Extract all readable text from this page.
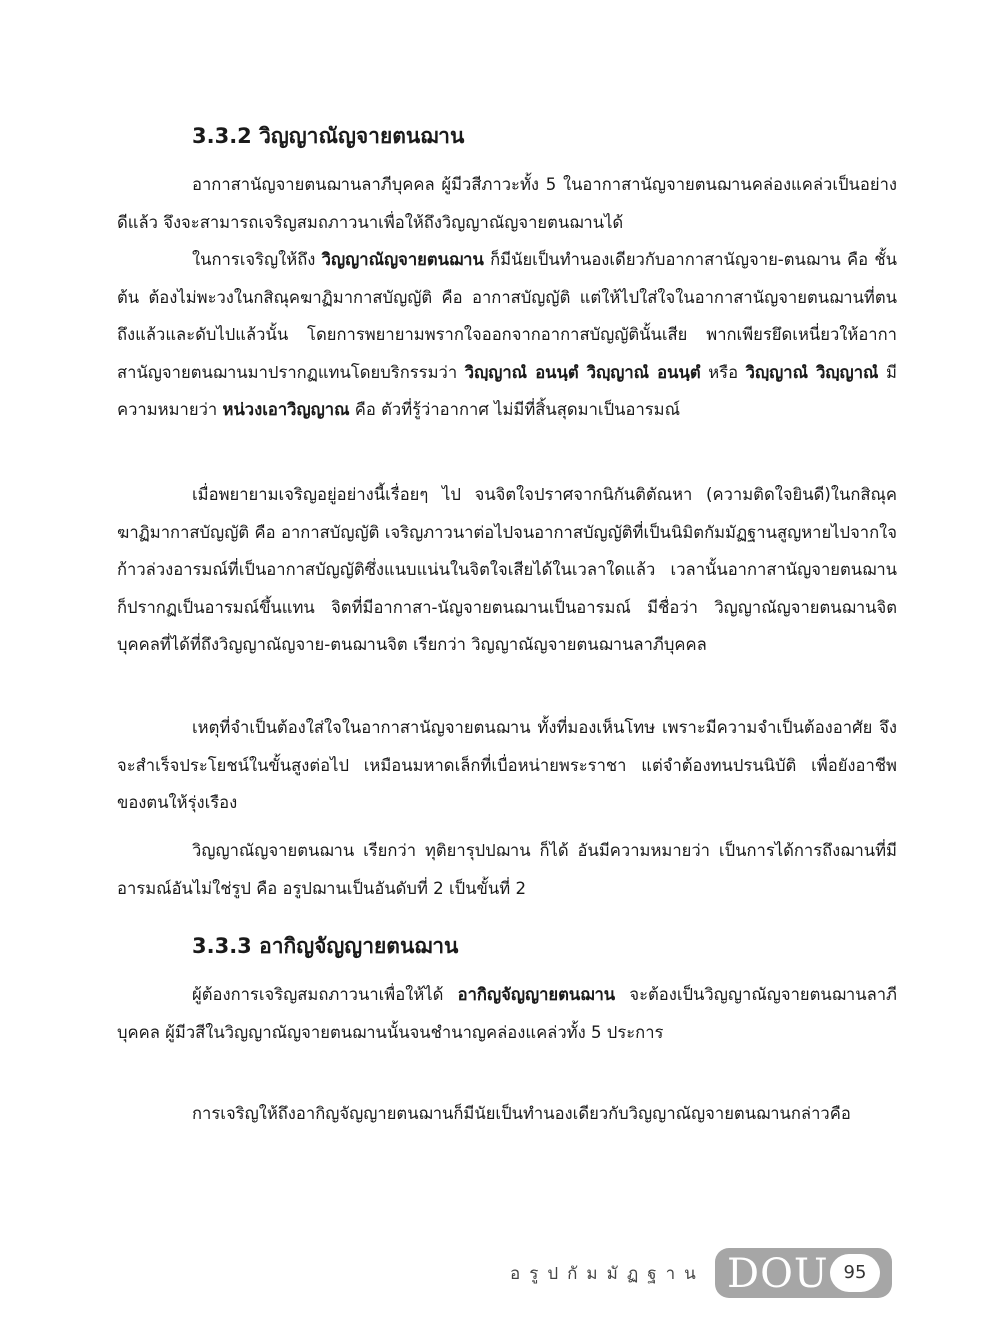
3.3.2 วิญญาณัญจายตนฌาน

อากาสานัญจายตนฌานลาภีบุคคล ผู้มีวสีภาวะทั้ง 5 ในอากาสานัญจายตนฌานคล่องแคล่วเป็นอย่างดีแล้ว จึงจะสามารถเจริญสมถภาวนาเพื่อให้ถึงวิญญาณัญจายตนฌานได้

ในการเจริญให้ถึง วิญญาณัญจายตนฌาน ก็มีนัยเป็นทำนองเดียวกับอากาสานัญจาย-ตนฌาน คือ ชั้นต้น ต้องไม่พะวงในกสิณุคฆาฏิมากาสบัญญัติ คือ อากาสบัญญัติ แต่ให้ไปใส่ใจในอากาสานัญจายตนฌานที่ตนถึงแล้วและดับไปแล้วนั้น โดยการพยายามพรากใจออกจากอากาสบัญญัตินั้นเสีย พากเพียรยึดเหนี่ยวให้อากาสานัญจายตนฌานมาปรากฏแทนโดยบริกรรมว่า วิญฺญาณํ อนนฺตํ วิญฺญาณํ อนนฺตํ หรือ วิญฺญาณํ วิญฺญาณํ มีความหมายว่า หน่วงเอาวิญญาณ คือ ตัวที่รู้ว่าอากาศ ไม่มีที่สิ้นสุดมาเป็นอารมณ์

เมื่อพยายามเจริญอยู่อย่างนี้เรื่อยๆ ไป จนจิตใจปราศจากนิกันติตัณหา (ความติดใจยินดี)ในกสิณุคฆาฏิมากาสบัญญัติ คือ อากาสบัญญัติ เจริญภาวนาต่อไปจนอากาสบัญญัติที่เป็นนิมิตกัมมัฏฐานสูญหายไปจากใจก้าวล่วงอารมณ์ที่เป็นอากาสบัญญัติซึ่งแนบแน่นในจิตใจเสียได้ในเวลาใดแล้ว เวลานั้นอากาสานัญจายตนฌานก็ปรากฏเป็นอารมณ์ขึ้นแทน จิตที่มีอากาสา-นัญจายตนฌานเป็นอารมณ์ มีชื่อว่า วิญญาณัญจายตนฌานจิต บุคคลที่ได้ที่ถึงวิญญาณัญจาย-ตนฌานจิต เรียกว่า วิญญาณัญจายตนฌานลาภีบุคคล

เหตุที่จำเป็นต้องใส่ใจในอากาสานัญจายตนฌาน ทั้งที่มองเห็นโทษ เพราะมีความจำเป็นต้องอาศัย จึงจะสำเร็จประโยชน์ในขั้นสูงต่อไป เหมือนมหาดเล็กที่เบื่อหน่ายพระราชา แต่จำต้องทนปรนนิบัติ เพื่อยังอาชีพของตนให้รุ่งเรือง

วิญญาณัญจายตนฌาน เรียกว่า ทุติยารุปปฌาน ก็ได้ อันมีความหมายว่า เป็นการได้การถึงฌานที่มีอารมณ์อันไม่ใช่รูป คือ อรูปฌานเป็นอันดับที่ 2 เป็นขั้นที่ 2

3.3.3 อากิญจัญญายตนฌาน

ผู้ต้องการเจริญสมถภาวนาเพื่อให้ได้ อากิญจัญญายตนฌาน จะต้องเป็นวิญญาณัญจายตนฌานลาภีบุคคล ผู้มีวสีในวิญญาณัญจายตนฌานนั้นจนชำนาญคล่องแคล่วทั้ง 5 ประการ

การเจริญให้ถึงอากิญจัญญายตนฌานก็มีนัยเป็นทำนองเดียวกับวิญญาณัญจายตนฌานกล่าวคือ

อรูปกัมมัฏฐาน DOU 95
